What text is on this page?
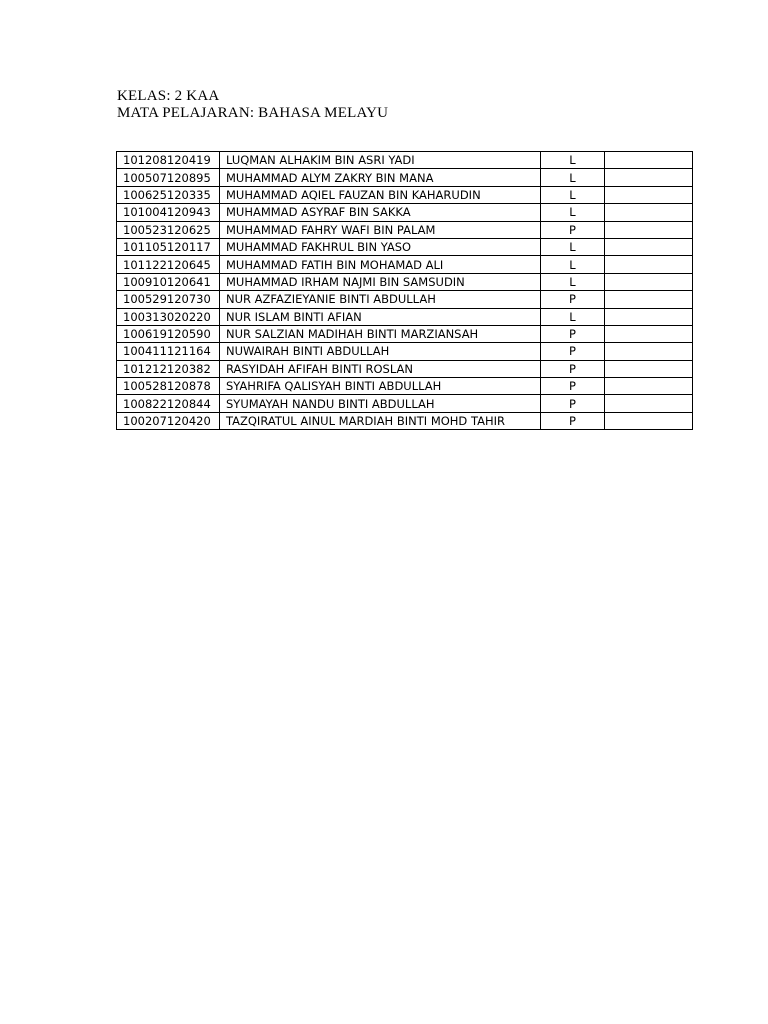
KELAS: 2 KAA
MATA PELAJARAN: BAHASA MELAYU
101208120419	LUQMAN ALHAKIM BIN ASRI YADI	L	
100507120895	MUHAMMAD ALYM ZAKRY BIN MANA	L	
100625120335	MUHAMMAD AQIEL FAUZAN BIN KAHARUDIN	L	
101004120943	MUHAMMAD ASYRAF BIN SAKKA	L	
100523120625	MUHAMMAD FAHRY WAFI BIN PALAM	P	
101105120117	MUHAMMAD FAKHRUL BIN YASO	L	
101122120645	MUHAMMAD FATIH BIN MOHAMAD ALI	L	
100910120641	MUHAMMAD IRHAM NAJMI BIN SAMSUDIN	L	
100529120730	NUR AZFAZIEYANIE BINTI ABDULLAH	P	
100313020220	NUR ISLAM BINTI AFIAN	L	
100619120590	NUR SALZIAN MADIHAH BINTI MARZIANSAH	P	
100411121164	NUWAIRAH BINTI ABDULLAH	P	
101212120382	RASYIDAH AFIFAH BINTI ROSLAN	P	
100528120878	SYAHRIFA QALISYAH BINTI ABDULLAH	P	
100822120844	SYUMAYAH NANDU BINTI ABDULLAH	P	
100207120420	TAZQIRATUL AINUL MARDIAH BINTI MOHD TAHIR	P	
